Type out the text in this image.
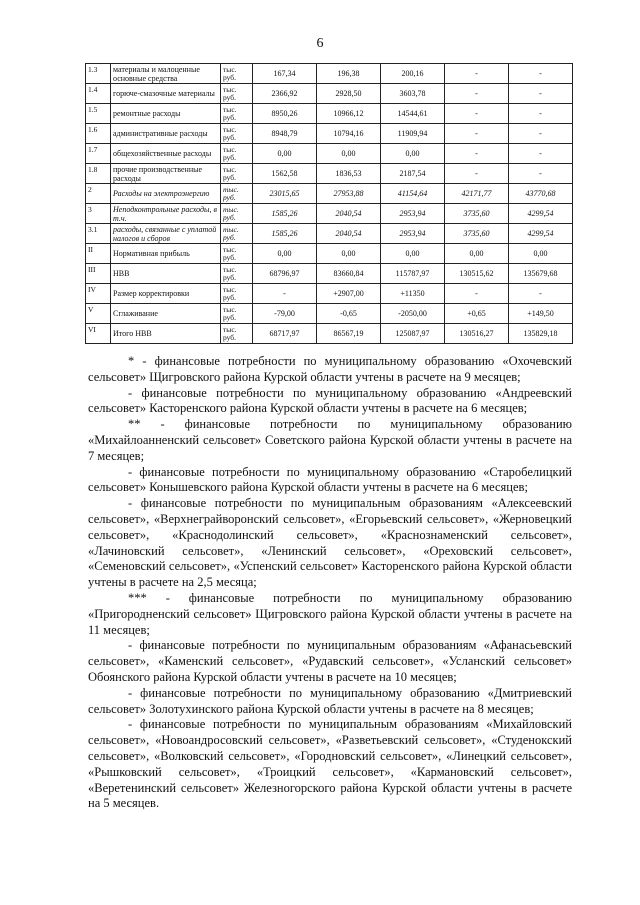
6
1.3	материалы и малоценные основные средства	тыс. руб.	167,34	196,38	200,16	-	-
1.4	горюче-смазочные материалы	тыс. руб.	2366,92	2928,50	3603,78	-	-
1.5	ремонтные расходы	тыс. руб.	8950,26	10966,12	14544,61	-	-
1.6	административные расходы	тыс. руб.	8948,79	10794,16	11909,94	-	-
1.7	общехозяйственные расходы	тыс. руб.	0,00	0,00	0,00	-	-
1.8	прочие производственные расходы	тыс. руб.	1562,58	1836,53	2187,54	-	-
2	Расходы на электроэнергию	тыс. руб.	23015,65	27953,88	41154,64	42171,77	43770,68
3	Неподконтрольные расходы, в т.ч.	тыс. руб.	1585,26	2040,54	2953,94	3735,60	4299,54
3.1	расходы, связанные с уплатой налогов и сборов	тыс. руб.	1585,26	2040,54	2953,94	3735,60	4299,54
II	Нормативная прибыль	тыс. руб.	0,00	0,00	0,00	0,00	0,00
III	НВВ	тыс. руб.	68796,97	83660,84	115787,97	130515,62	135679,68
IV	Размер корректировки	тыс. руб.	-	+2907,00	+11350	-	-
V	Сглаживание	тыс. руб.	-79,00	-0,65	-2050,00	+0,65	+149,50
VI	Итого НВВ	тыс. руб.	68717,97	86567,19	125087,97	130516,27	135829,18

* - финансовые потребности по муниципальному образованию «Охочевский сельсовет» Щигровского района Курской области учтены в расчете на 9 месяцев;

- финансовые потребности по муниципальному образованию «Андреевский сельсовет» Касторенского района Курской области учтены в расчете на 6 месяцев;

** - финансовые потребности по муниципальному образованию «Михайлоанненский сельсовет» Советского района Курской области учтены в расчете на 7 месяцев;

- финансовые потребности по муниципальному образованию «Старобелицкий сельсовет» Конышевского района Курской области учтены в расчете на 6 месяцев;

- финансовые потребности по муниципальным образованиям «Алексеевский сельсовет», «Верхнеграйворонский сельсовет», «Егорьевский сельсовет», «Жерновецкий сельсовет», «Краснодолинский сельсовет», «Краснознаменский сельсовет», «Лачиновский сельсовет», «Ленинский сельсовет», «Ореховский сельсовет», «Семеновский сельсовет», «Успенский сельсовет» Касторенского района Курской области учтены в расчете на 2,5 месяца;

*** - финансовые потребности по муниципальному образованию «Пригородненский сельсовет» Щигровского района Курской области учтены в расчете на 11 месяцев;

- финансовые потребности по муниципальным образованиям «Афанасьевский сельсовет», «Каменский сельсовет», «Рудавский сельсовет», «Усланский сельсовет» Обоянского района Курской области учтены в расчете на 10 месяцев;

- финансовые потребности по муниципальному образованию «Дмитриевский сельсовет» Золотухинского района Курской области учтены в расчете на 8 месяцев;

- финансовые потребности по муниципальным образованиям «Михайловский сельсовет», «Новоандросовский сельсовет», «Разветьевский сельсовет», «Студенокский сельсовет», «Волковский сельсовет», «Городновский сельсовет», «Линецкий сельсовет», «Рышковский сельсовет», «Троицкий сельсовет», «Кармановский сельсовет», «Веретенинский сельсовет» Железногорского района Курской области учтены в расчете на 5 месяцев.
